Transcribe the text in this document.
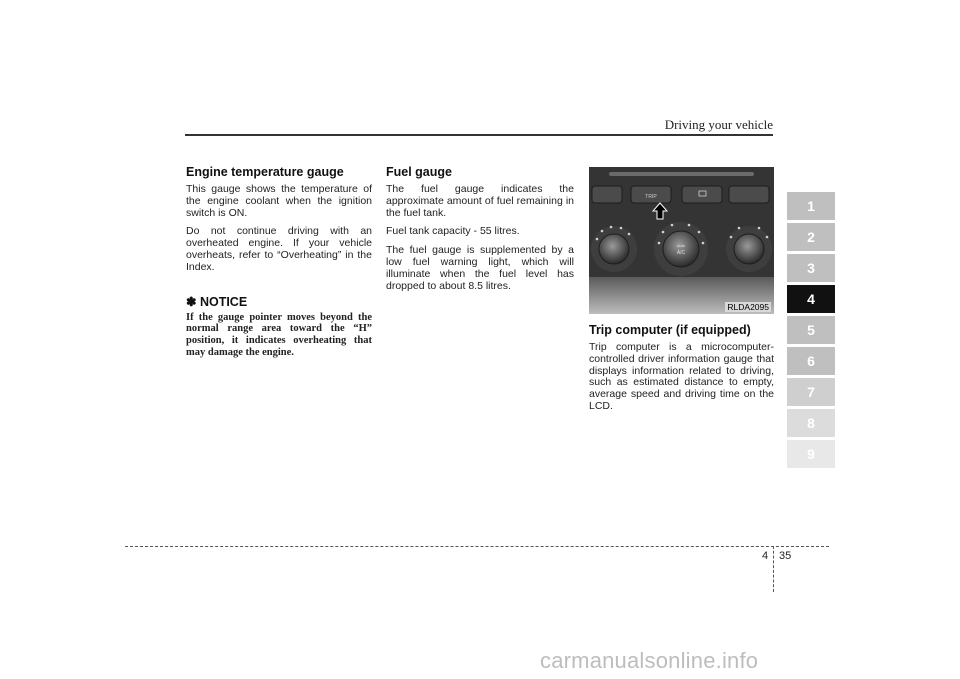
Driving your vehicle
Engine temperature gauge

This gauge shows the temperature of the engine coolant when the ignition switch is ON.

Do not continue driving with an overheated engine. If your vehicle overheats, refer to “Overheating” in the Index.

✽ NOTICE
If the gauge pointer moves beyond the normal range area toward the “H” position, it indicates overheating that may damage the engine.
Fuel gauge

The fuel gauge indicates the approximate amount of fuel remaining in the fuel tank.

Fuel tank capacity - 55 litres.

The fuel gauge is supplemented by a low fuel warning light, which will illuminate when the fuel level has dropped to about 8.5 litres.

TRIP
Auto
A/C
RLDA2095
Trip computer (if equipped)

Trip computer is a microcomputer-controlled driver information gauge that displays information related to driving, such as estimated distance to empty, average speed and driving time on the LCD.

1
2
3
4
5
6
7
8
9
4 35
carmanualsonline.info
